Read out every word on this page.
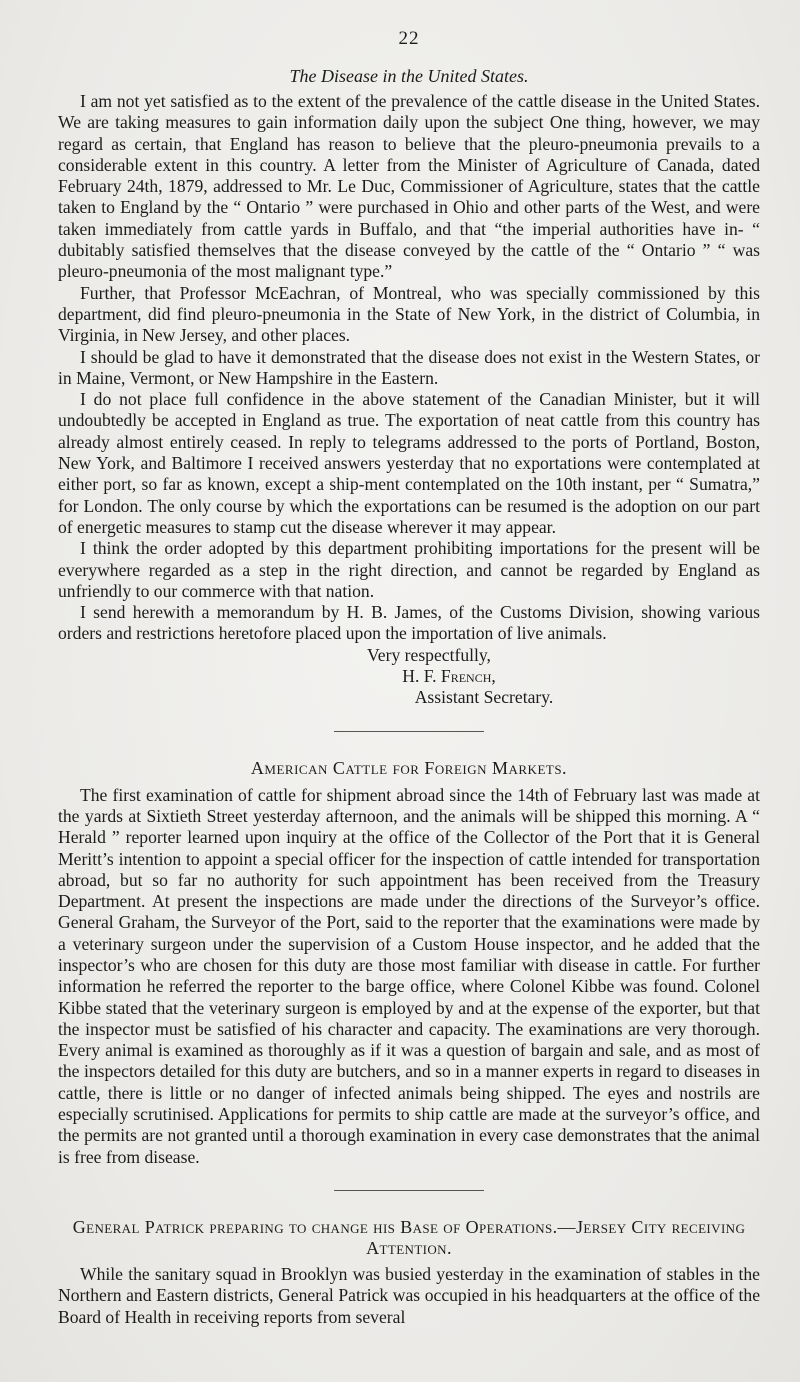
22
The Disease in the United States.

I am not yet satisfied as to the extent of the prevalence of the cattle disease in the United States. We are taking measures to gain information daily upon the subject One thing, however, we may regard as certain, that England has reason to believe that the pleuro-pneumonia prevails to a considerable extent in this country. A letter from the Minister of Agriculture of Canada, dated February 24th, 1879, addressed to Mr. Le Duc, Commissioner of Agriculture, states that the cattle taken to England by the “ Ontario ” were purchased in Ohio and other parts of the West, and were taken immediately from cattle yards in Buffalo, and that “the imperial authorities have in- “ dubitably satisfied themselves that the disease conveyed by the cattle of the “ Ontario ” “ was pleuro-pneumonia of the most malignant type.”

Further, that Professor McEachran, of Montreal, who was specially commissioned by this department, did find pleuro-pneumonia in the State of New York, in the district of Columbia, in Virginia, in New Jersey, and other places.

I should be glad to have it demonstrated that the disease does not exist in the Western States, or in Maine, Vermont, or New Hampshire in the Eastern.

I do not place full confidence in the above statement of the Canadian Minister, but it will undoubtedly be accepted in England as true. The exportation of neat cattle from this country has already almost entirely ceased. In reply to telegrams addressed to the ports of Portland, Boston, New York, and Baltimore I received answers yesterday that no exportations were contemplated at either port, so far as known, except a ship-ment contemplated on the 10th instant, per “ Sumatra,” for London. The only course by which the exportations can be resumed is the adoption on our part of energetic measures to stamp cut the disease wherever it may appear.

I think the order adopted by this department prohibiting importations for the present will be everywhere regarded as a step in the right direction, and cannot be regarded by England as unfriendly to our commerce with that nation.

I send herewith a memorandum by H. B. James, of the Customs Division, showing various orders and restrictions heretofore placed upon the importation of live animals.

Very respectfully,
H. F. French,
Assistant Secretary.
American Cattle for Foreign Markets.

The first examination of cattle for shipment abroad since the 14th of February last was made at the yards at Sixtieth Street yesterday afternoon, and the animals will be shipped this morning. A “ Herald ” reporter learned upon inquiry at the office of the Collector of the Port that it is General Meritt’s intention to appoint a special officer for the inspection of cattle intended for transportation abroad, but so far no authority for such appointment has been received from the Treasury Department. At present the inspections are made under the directions of the Surveyor’s office. General Graham, the Surveyor of the Port, said to the reporter that the examinations were made by a veterinary surgeon under the supervision of a Custom House inspector, and he added that the inspector’s who are chosen for this duty are those most familiar with disease in cattle. For further information he referred the reporter to the barge office, where Colonel Kibbe was found. Colonel Kibbe stated that the veterinary surgeon is employed by and at the expense of the exporter, but that the inspector must be satisfied of his character and capacity. The examinations are very thorough. Every animal is examined as thoroughly as if it was a question of bargain and sale, and as most of the inspectors detailed for this duty are butchers, and so in a manner experts in regard to diseases in cattle, there is little or no danger of infected animals being shipped. The eyes and nostrils are especially scrutinised. Applications for permits to ship cattle are made at the surveyor’s office, and the permits are not granted until a thorough examination in every case demonstrates that the animal is free from disease.

General Patrick preparing to change his Base of Operations.—Jersey City receiving Attention.

While the sanitary squad in Brooklyn was busied yesterday in the examination of stables in the Northern and Eastern districts, General Patrick was occupied in his headquarters at the office of the Board of Health in receiving reports from several
